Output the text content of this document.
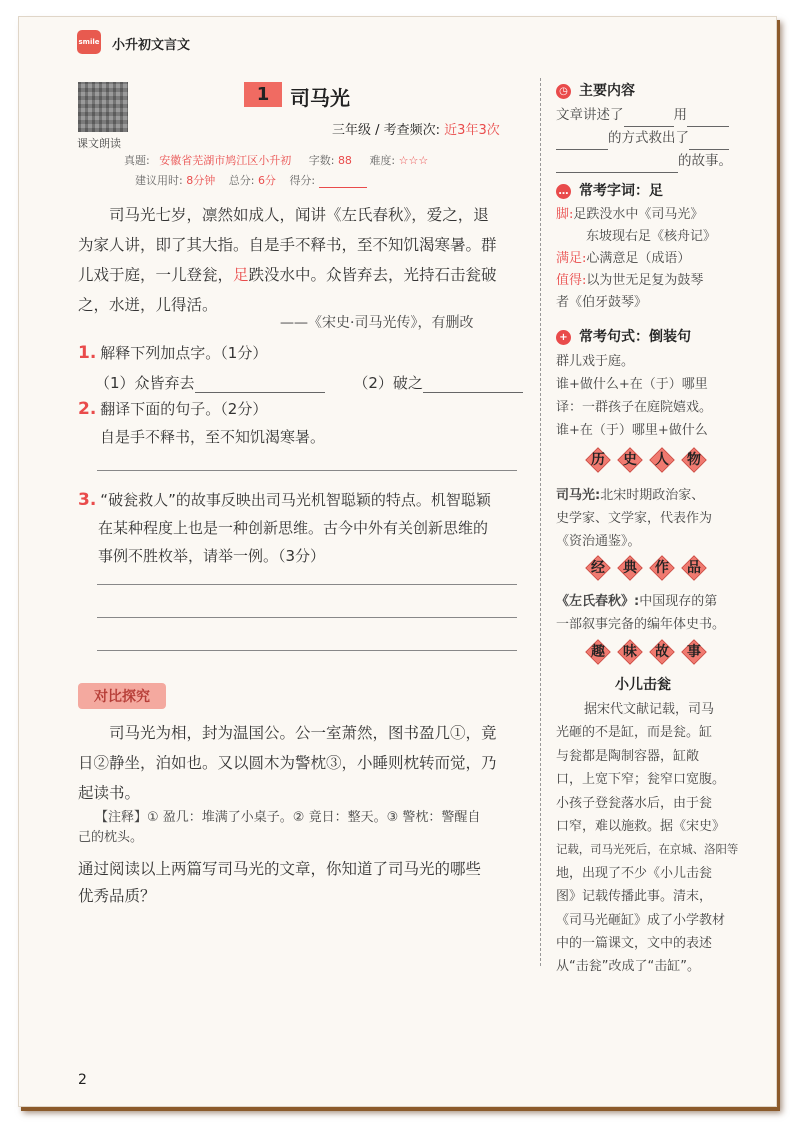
smile 小升初文言文
课文朗读
1	司马光
三年级 / 考查频次: 近3年3次
真题: 安徽省芜湖市鸠江区小升初 字数: 88 难度: ☆☆☆
建议用时: 8分钟 总分: 6分 得分:
司马光七岁，凛然如成人，闻讲《左氏春秋》，爱之，退
为家人讲，即了其大指。自是手不释书，至不知饥渴寒暑。群
儿戏于庭，一儿登瓮，足跌没水中。众皆弃去，光持石击瓮破
之，水迸，儿得活。
——《宋史·司马光传》，有删改
1. 解释下列加点字。（1分）
（1）众皆弃去	（2）破之
2. 翻译下面的句子。（2分）
自是手不释书，至不知饥渴寒暑。
3. “破瓮救人”的故事反映出司马光机智聪颖的特点。机智聪颖
在某种程度上也是一种创新思维。古今中外有关创新思维的
事例不胜枚举，请举一例。（3分）
对比探究
司马光为相，封为温国公。公一室萧然，图书盈几①，竟
日②静坐，泊如也。又以圆木为警枕③，小睡则枕转而觉，乃
起读书。
【注释】① 盈几：堆满了小桌子。② 竟日：整天。③ 警枕：警醒自
己的枕头。
通过阅读以上两篇写司马光的文章，你知道了司马光的哪些
优秀品质？
◷ 主要内容
文章讲述了	用
的方式救出了
的故事。
… 常考字词：足
脚:足跌没水中《司马光》
东坡现右足《核舟记》
满足:心满意足（成语）
值得:以为世无足复为鼓琴
者《伯牙鼓琴》
+ 常考句式：倒装句
群儿戏于庭。
谁+做什么+在（于）哪里
译：一群孩子在庭院嬉戏。
谁+在（于）哪里+做什么
历 史 人 物
司马光:北宋时期政治家、
史学家、文学家，代表作为
《资治通鉴》。
经 典 作 品
《左氏春秋》:中国现存的第
一部叙事完备的编年体史书。
趣 味 故 事
小儿击瓮
据宋代文献记载，司马
光砸的不是缸，而是瓮。缸
与瓮都是陶制容器，缸敞
口，上宽下窄；瓮窄口宽腹。
小孩子登瓮落水后，由于瓮
口窄，难以施救。据《宋史》
记载，司马光死后，在京城、洛阳等
地，出现了不少《小儿击瓮
图》记载传播此事。清末，
《司马光砸缸》成了小学教材
中的一篇课文，文中的表述
从“击瓮”改成了“击缸”。
2
